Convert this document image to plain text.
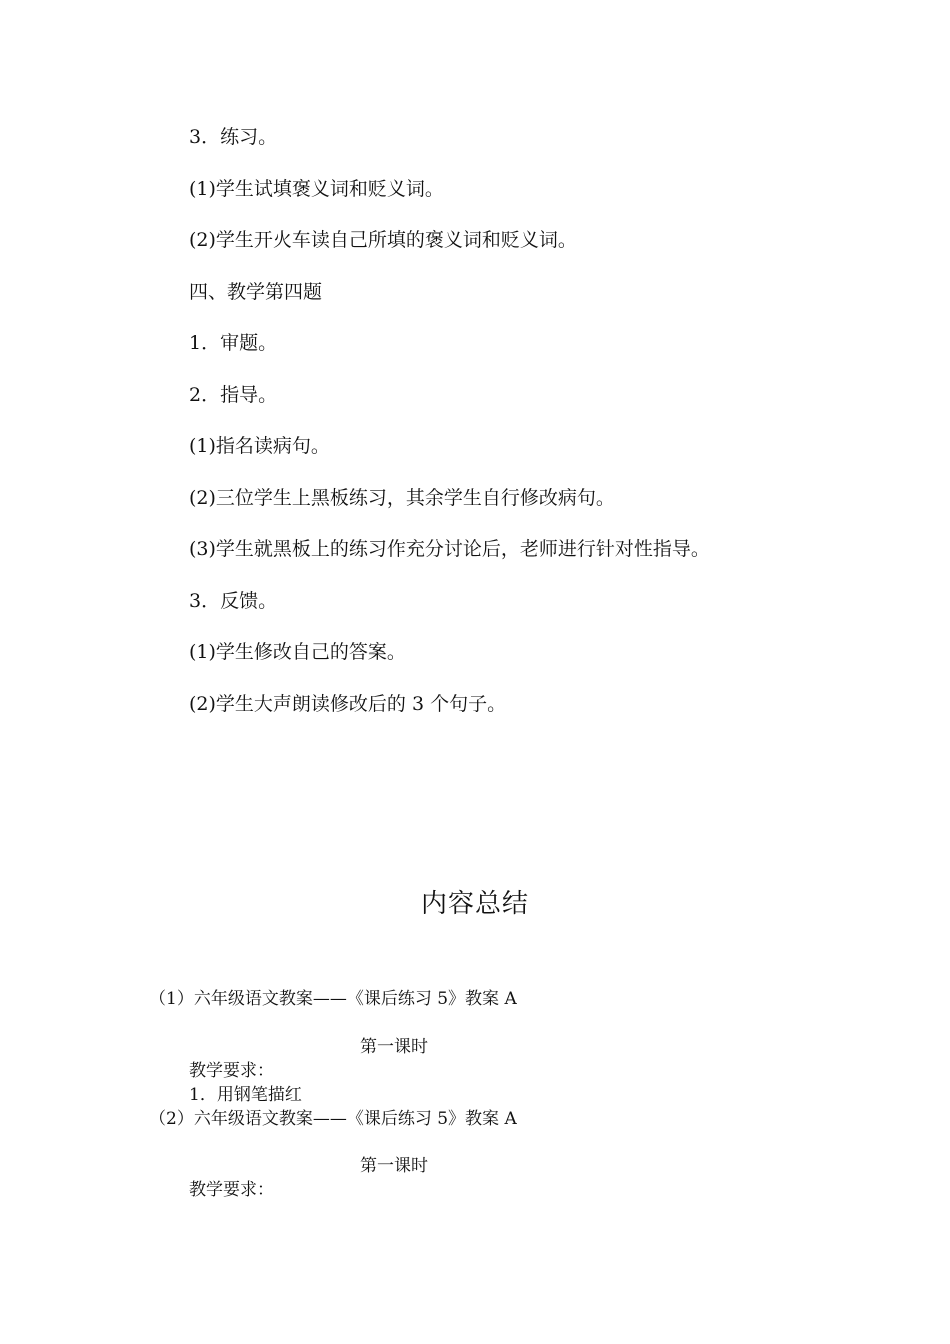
3．练习。
(1)学生试填褒义词和贬义词。
(2)学生开火车读自己所填的褒义词和贬义词。
四、教学第四题
1．审题。
2．指导。
(1)指名读病句。
(2)三位学生上黑板练习，其余学生自行修改病句。
(3)学生就黑板上的练习作充分讨论后，老师进行针对性指导。
3．反馈。
(1)学生修改自己的答案。
(2)学生大声朗读修改后的 3 个句子。
内容总结
（1）六年级语文教案——《课后练习 5》教案 A
第一课时
教学要求：
1．用钢笔描红
（2）六年级语文教案——《课后练习 5》教案 A
第一课时
教学要求：
